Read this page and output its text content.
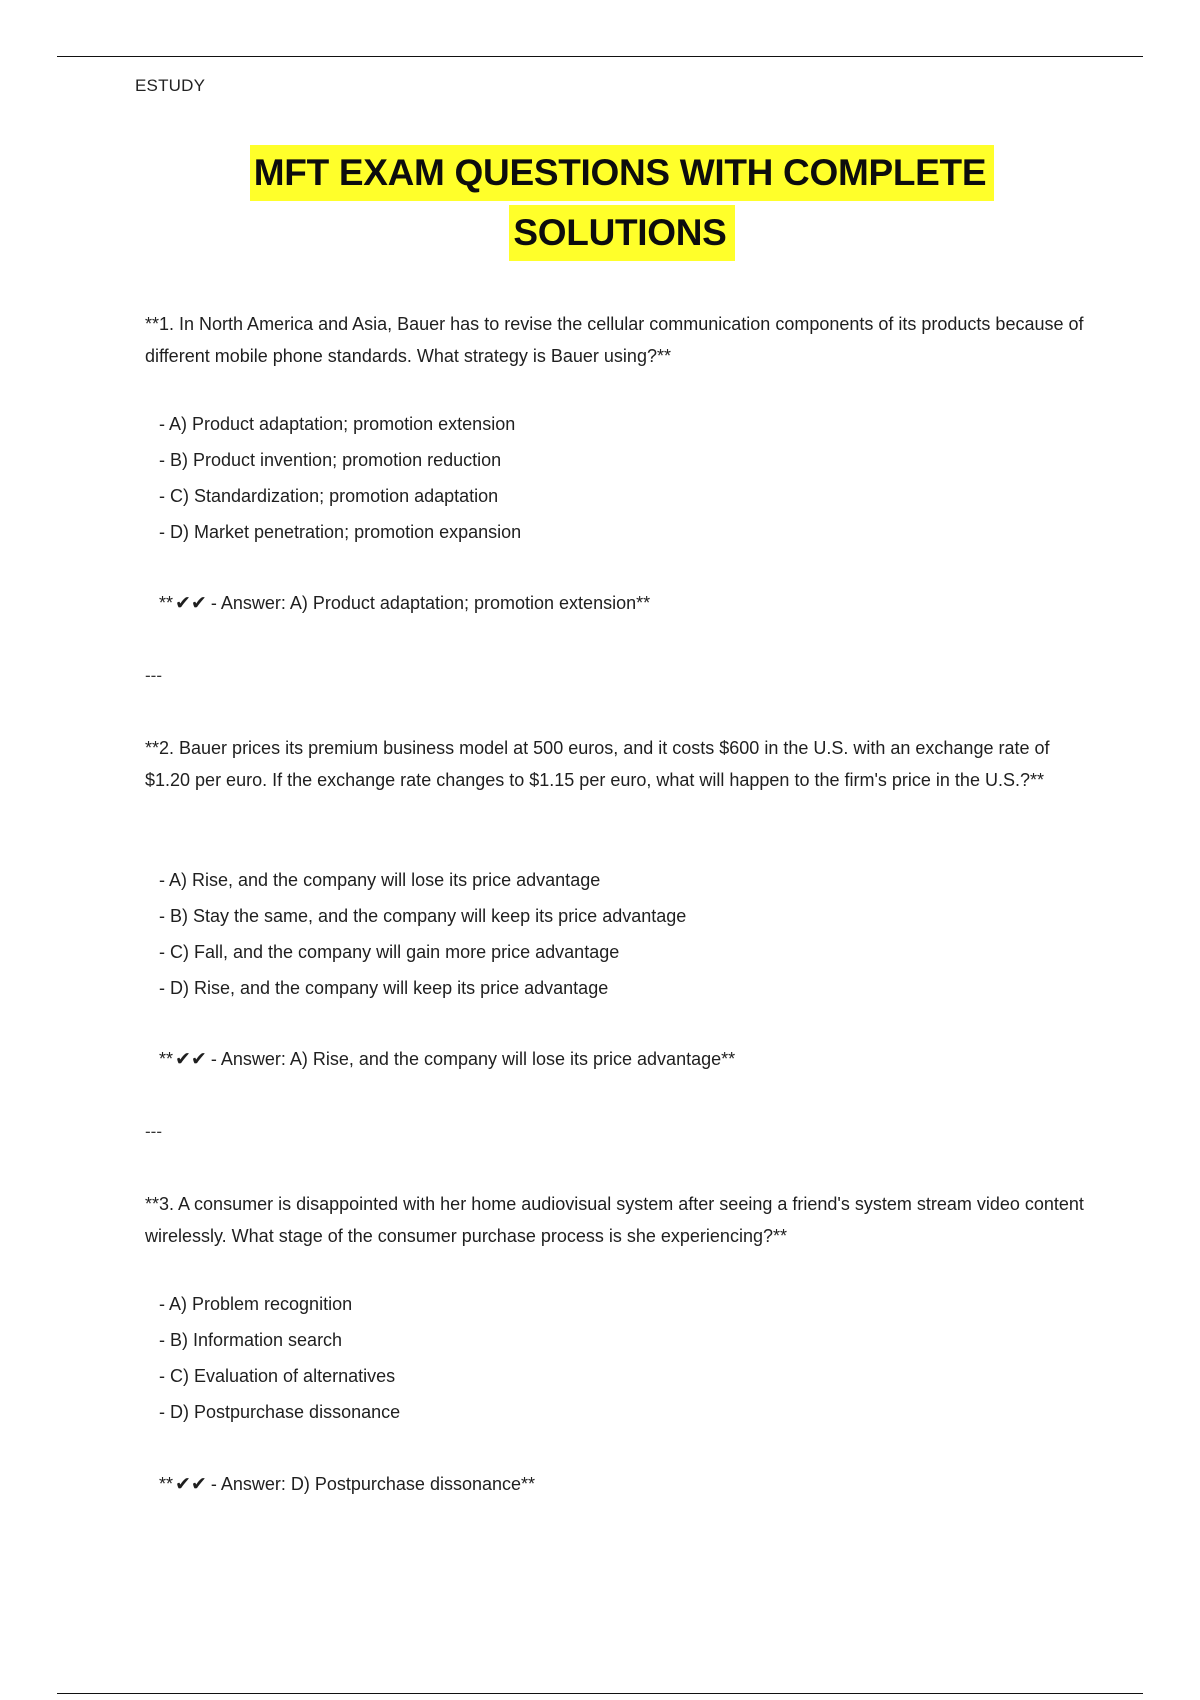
ESTUDY
MFT EXAM QUESTIONS WITH COMPLETE
SOLUTIONS
**1. In North America and Asia, Bauer has to revise the cellular communication components of its products because of different mobile phone standards. What strategy is Bauer using?**
- A) Product adaptation; promotion extension
- B) Product invention; promotion reduction
- C) Standardization; promotion adaptation
- D) Market penetration; promotion expansion
** ✔✔ - Answer: A) Product adaptation; promotion extension**
---
**2. Bauer prices its premium business model at 500 euros, and it costs $600 in the U.S. with an exchange rate of $1.20 per euro. If the exchange rate changes to $1.15 per euro, what will happen to the firm's price in the U.S.?**
- A) Rise, and the company will lose its price advantage
- B) Stay the same, and the company will keep its price advantage
- C) Fall, and the company will gain more price advantage
- D) Rise, and the company will keep its price advantage
** ✔✔ - Answer: A) Rise, and the company will lose its price advantage**
---
**3. A consumer is disappointed with her home audiovisual system after seeing a friend's system stream video content wirelessly. What stage of the consumer purchase process is she experiencing?**
- A) Problem recognition
- B) Information search
- C) Evaluation of alternatives
- D) Postpurchase dissonance
** ✔✔ - Answer: D) Postpurchase dissonance**
